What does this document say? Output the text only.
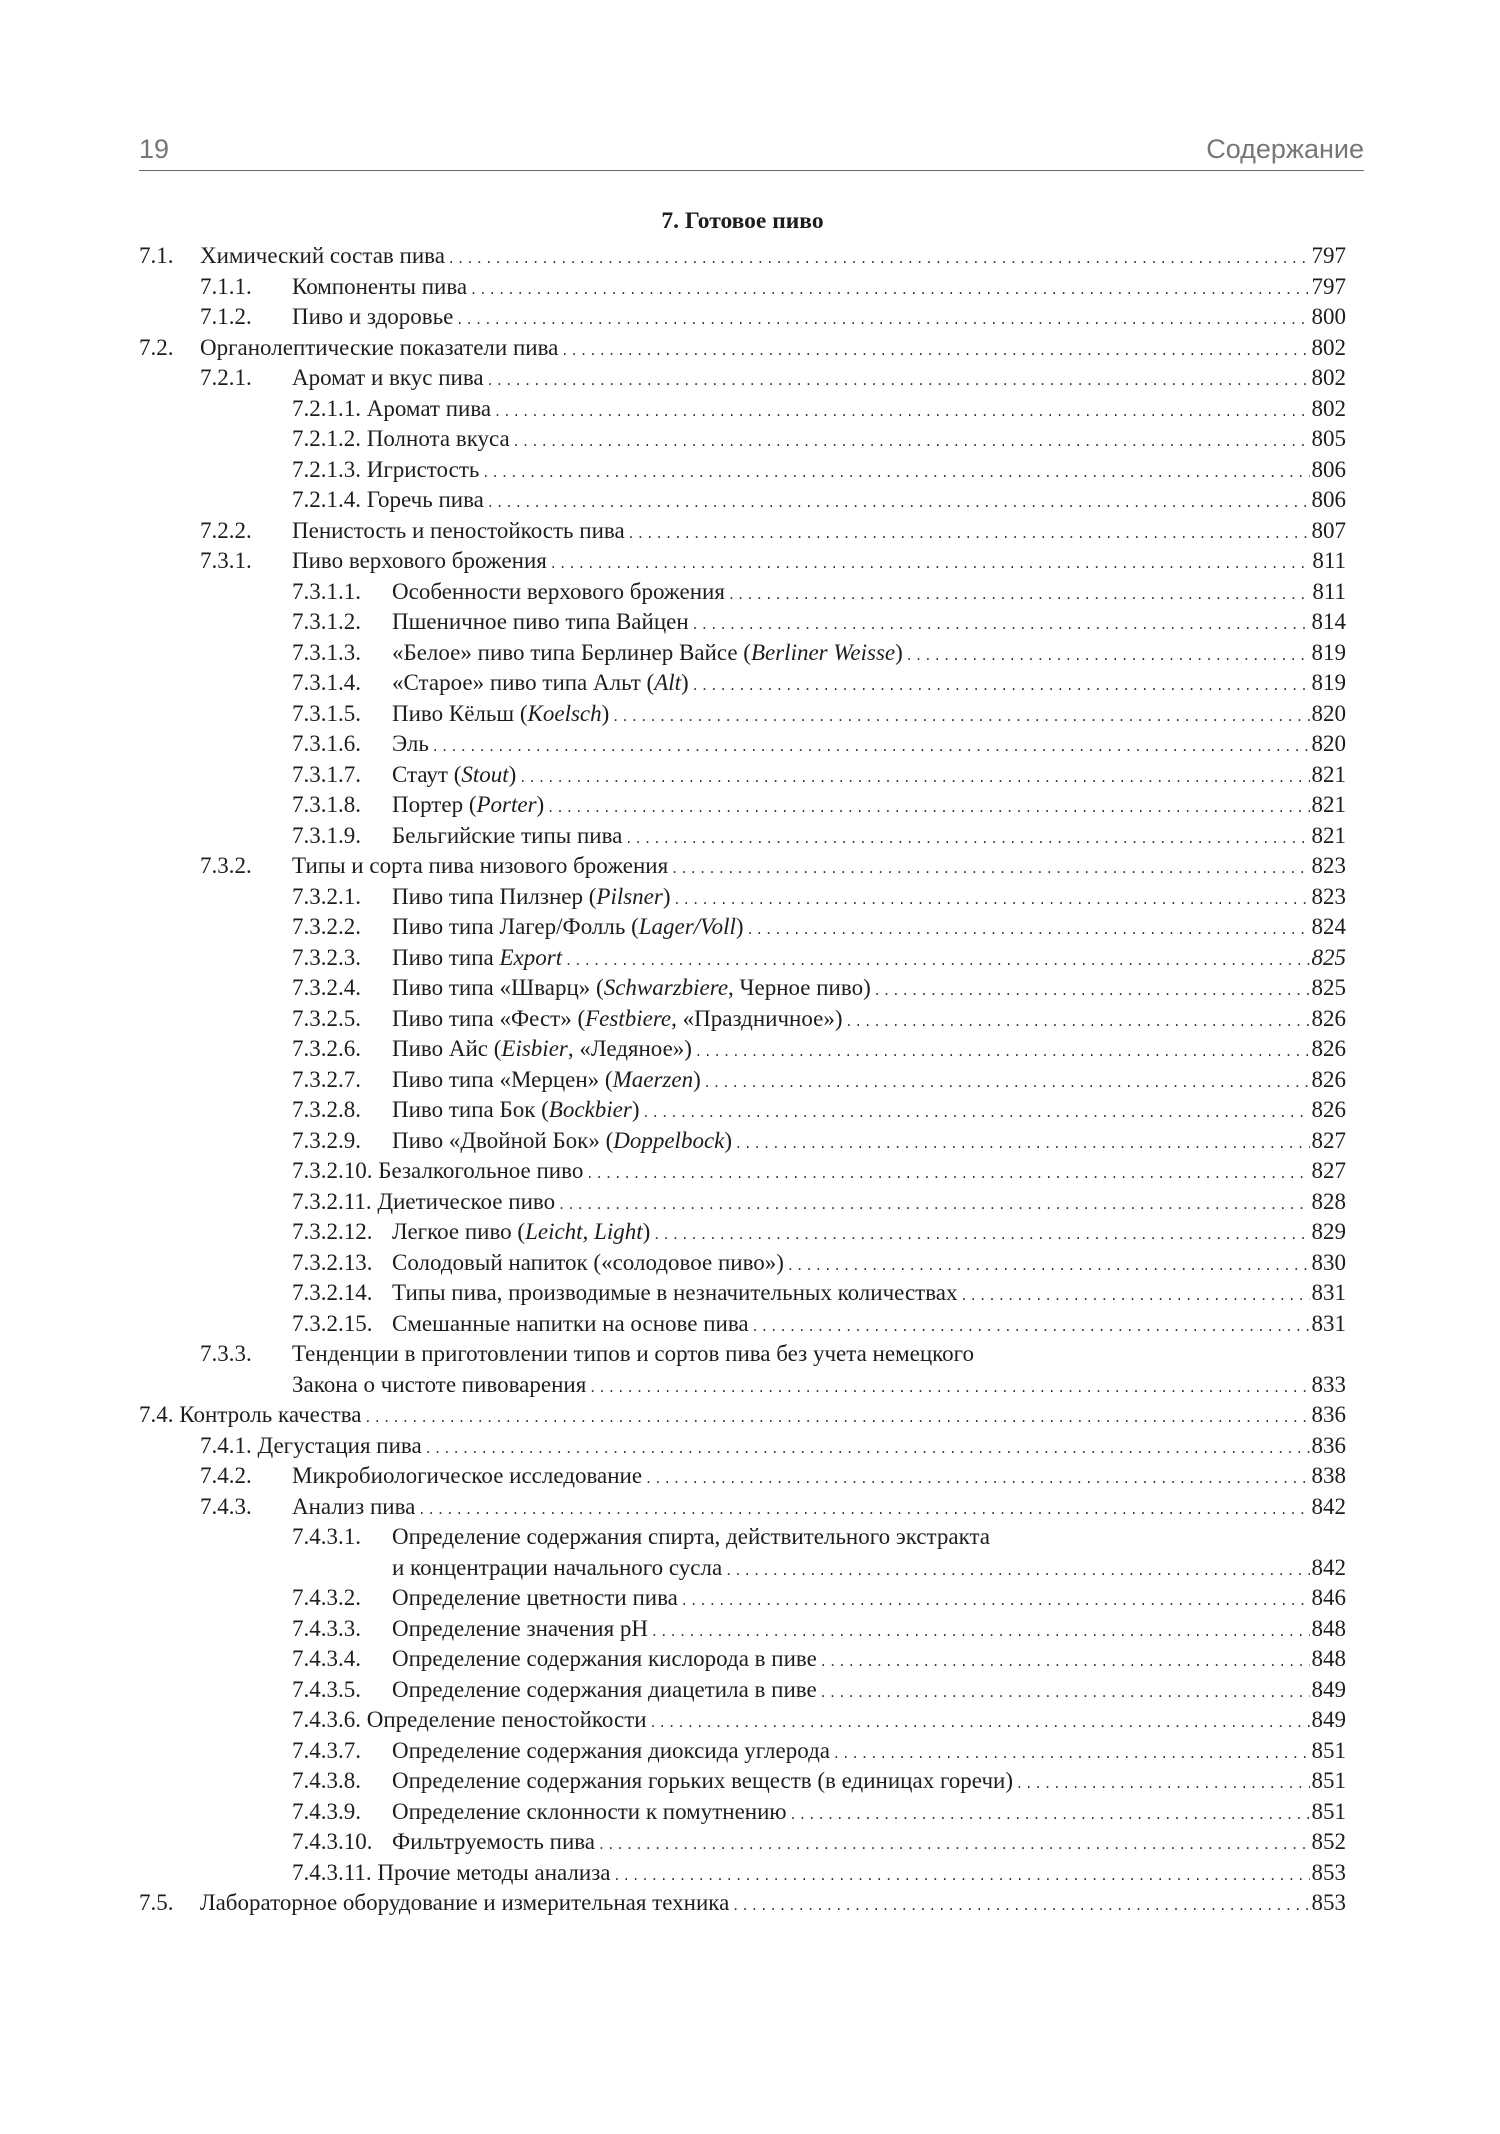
19	Содержание
7. Готовое пиво
7.1. Химический состав пива .....	797
7.1.1. Компоненты пива .....	797
7.1.2. Пиво и здоровье .....	800
7.2. Органолептические показатели пива .....	802
7.2.1. Аромат и вкус пива .....	802
7.2.1.1. Аромат пива .....	802
7.2.1.2. Полнота вкуса .....	805
7.2.1.3. Игристость .....	806
7.2.1.4. Горечь пива .....	806
7.2.2. Пенистость и пеностойкость пива .....	807
7.3.1. Пиво верхового брожения .....	811
7.3.1.1. Особенности верхового брожения .....	811
7.3.1.2. Пшеничное пиво типа Вайцен .....	814
7.3.1.3. «Белое» пиво типа Берлинер Вайсе (Berliner Weisse) .....	819
7.3.1.4. «Старое» пиво типа Альт (Alt) .....	819
7.3.1.5. Пиво Кёльш (Koelsch) .....	820
7.3.1.6. Эль .....	820
7.3.1.7. Стаут (Stout) .....	821
7.3.1.8. Портер (Porter) .....	821
7.3.1.9. Бельгийские типы пива .....	821
7.3.2. Типы и сорта пива низового брожения .....	823
7.3.2.1. Пиво типа Пилзнер (Pilsner) .....	823
7.3.2.2. Пиво типа Лагер/Фолль (Lager/Voll) .....	824
7.3.2.3. Пиво типа Export .....	825
7.3.2.4. Пиво типа «Шварц» (Schwarzbiere, Черное пиво) .....	825
7.3.2.5. Пиво типа «Фест» (Festbiere, «Праздничное») .....	826
7.3.2.6. Пиво Айс (Eisbier, «Ледяное») .....	826
7.3.2.7. Пиво типа «Мерцен» (Maerzen) .....	826
7.3.2.8. Пиво типа Бок (Bockbier) .....	826
7.3.2.9. Пиво «Двойной Бок» (Doppelbock) .....	827
7.3.2.10. Безалкогольное пиво .....	827
7.3.2.11. Диетическое пиво .....	828
7.3.2.12. Легкое пиво (Leicht, Light) .....	829
7.3.2.13. Солодовый напиток («солодовое пиво») .....	830
7.3.2.14. Типы пива, производимые в незначительных количествах .....	831
7.3.2.15. Смешанные напитки на основе пива .....	831
7.3.3. Тенденции в приготовлении типов и сортов пива без учета немецкого
Закона о чистоте пивоварения .....	833
7.4. Контроль качества .....	836
7.4.1. Дегустация пива .....	836
7.4.2. Микробиологическое исследование .....	838
7.4.3. Анализ пива .....	842
7.4.3.1. Определение содержания спирта, действительного экстракта
и концентрации начального сусла .....	842
7.4.3.2. Определение цветности пива .....	846
7.4.3.3. Определение значения pH .....	848
7.4.3.4. Определение содержания кислорода в пиве .....	848
7.4.3.5. Определение содержания диацетила в пиве .....	849
7.4.3.6. Определение пеностойкости .....	849
7.4.3.7. Определение содержания диоксида углерода .....	851
7.4.3.8. Определение содержания горьких веществ (в единицах горечи) .....	851
7.4.3.9. Определение склонности к помутнению .....	851
7.4.3.10. Фильтруемость пива .....	852
7.4.3.11. Прочие методы анализа .....	853
7.5. Лабораторное оборудование и измерительная техника .....	853
